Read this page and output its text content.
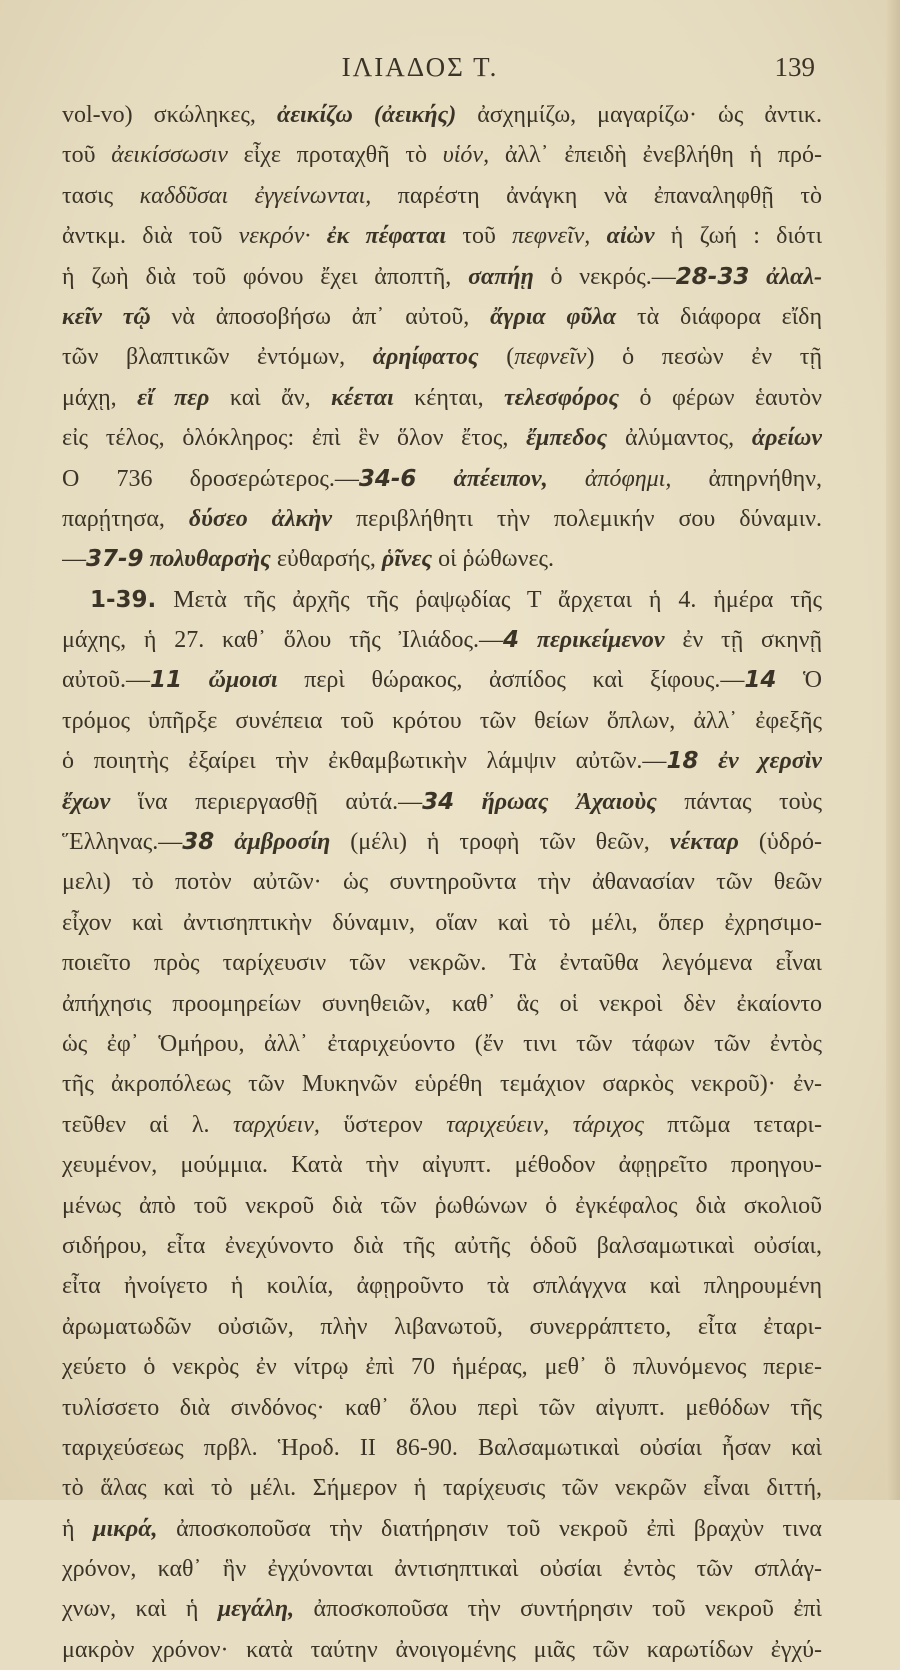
ΙΛΙΑΔΟΣ Τ.	139
vol-vo) σκώληκες, ἀεικίζω (ἀεικής) ἀσχημίζω, μαγαρίζω· ὡς ἀντικ.
τοῦ ἀεικίσσωσιν εἶχε προταχθῆ τὸ υἱόν, ἀλλ᾽ ἐπειδὴ ἐνεβλήθη ἡ πρό-
τασις καδδῦσαι ἐγγείνωνται, παρέστη ἀνάγκη νὰ ἐπαναληφθῇ τὸ
ἀντκμ. διὰ τοῦ νεκρόν· ἐκ πέφαται τοῦ πεφνεῖν, αἰὼν ἡ ζωή : διότι
ἡ ζωὴ διὰ τοῦ φόνου ἔχει ἀποπτῆ, σαπήῃ ὁ νεκρός.—28-33 ἀλαλ-
κεῖν τῷ νὰ ἀποσοβήσω ἀπ᾽ αὐτοῦ, ἄγρια φῦλα τὰ διάφορα εἴδη
τῶν βλαπτικῶν ἐντόμων, ἀρηίφατος (πεφνεῖν) ὁ πεσὼν ἐν τῇ
μάχῃ, εἴ περ καὶ ἄν, κέεται κέηται, τελεσφόρος ὁ φέρων ἑαυτὸν
εἰς τέλος, ὁλόκληρος: ἐπὶ ἓν ὅλον ἔτος, ἔμπεδος ἀλύμαντος, ἀρείων
Ο 736 δροσερώτερος.—34-6 ἀπέειπον, ἀπόφημι, ἀπηρνήθην,
παρῄτησα, δύσεο ἀλκὴν περιβλήθητι τὴν πολεμικήν σου δύναμιν.
—37-9 πολυθαρσὴς εὐθαρσής, ῥῖνες οἱ ῥώθωνες.
1-39. Μετὰ τῆς ἀρχῆς τῆς ῥαψῳδίας Τ ἄρχεται ἡ 4. ἡμέρα τῆς
μάχης, ἡ 27. καθ᾽ ὅλου τῆς Ἰλιάδος.—4 περικείμενον ἐν τῇ σκηνῇ
αὐτοῦ.—11 ὤμοισι περὶ θώρακος, ἀσπίδος καὶ ξίφους.—14 Ὁ
τρόμος ὑπῆρξε συνέπεια τοῦ κρότου τῶν θείων ὅπλων, ἀλλ᾽ ἐφεξῆς
ὁ ποιητὴς ἐξαίρει τὴν ἐκθαμβωτικὴν λάμψιν αὐτῶν.—18 ἐν χερσὶν
ἔχων ἵνα περιεργασθῇ αὐτά.—34 ἥρωας Ἀχαιοὺς πάντας τοὺς
Ἕλληνας.—38 ἀμβροσίη (μέλι) ἡ τροφὴ τῶν θεῶν, νέκταρ (ὑδρό-
μελι) τὸ ποτὸν αὐτῶν· ὡς συντηροῦντα τὴν ἀθανασίαν τῶν θεῶν
εἶχον καὶ ἀντισηπτικὴν δύναμιν, οἵαν καὶ τὸ μέλι, ὅπερ ἐχρησιμο-
ποιεῖτο πρὸς ταρίχευσιν τῶν νεκρῶν. Τὰ ἐνταῦθα λεγόμενα εἶναι
ἀπήχησις προομηρείων συνηθειῶν, καθ᾽ ἃς οἱ νεκροὶ δὲν ἐκαίοντο
ὡς ἐφ᾽ Ὁμήρου, ἀλλ᾽ ἐταριχεύοντο (ἔν τινι τῶν τάφων τῶν ἐντὸς
τῆς ἀκροπόλεως τῶν Μυκηνῶν εὑρέθη τεμάχιον σαρκὸς νεκροῦ)· ἐν-
τεῦθεν αἱ λ. ταρχύειν, ὕστερον ταριχεύειν, τάριχος πτῶμα τεταρι-
χευμένον, μούμμια. Κατὰ τὴν αἰγυπτ. μέθοδον ἀφῃρεῖτο προηγου-
μένως ἀπὸ τοῦ νεκροῦ διὰ τῶν ῥωθώνων ὁ ἐγκέφαλος διὰ σκολιοῦ
σιδήρου, εἶτα ἐνεχύνοντο διὰ τῆς αὐτῆς ὁδοῦ βαλσαμωτικαὶ οὐσίαι,
εἶτα ἠνοίγετο ἡ κοιλία, ἀφῃροῦντο τὰ σπλάγχνα καὶ πληρουμένη
ἀρωματωδῶν οὐσιῶν, πλὴν λιβανωτοῦ, συνερράπτετο, εἶτα ἐταρι-
χεύετο ὁ νεκρὸς ἐν νίτρῳ ἐπὶ 70 ἡμέρας, μεθ᾽ ὃ πλυνόμενος περιε-
τυλίσσετο διὰ σινδόνος· καθ᾽ ὅλου περὶ τῶν αἰγυπτ. μεθόδων τῆς
ταριχεύσεως πρβλ. Ἡροδ. II 86-90. Βαλσαμωτικαὶ οὐσίαι ἦσαν καὶ
τὸ ἅλας καὶ τὸ μέλι. Σήμερον ἡ ταρίχευσις τῶν νεκρῶν εἶναι διττή,
ἡ μικρά, ἀποσκοποῦσα τὴν διατήρησιν τοῦ νεκροῦ ἐπὶ βραχὺν τινα
χρόνον, καθ᾽ ἣν ἐγχύνονται ἀντισηπτικαὶ οὐσίαι ἐντὸς τῶν σπλάγ-
χνων, καὶ ἡ μεγάλη, ἀποσκοποῦσα τὴν συντήρησιν τοῦ νεκροῦ ἐπὶ
μακρὸν χρόνον· κατὰ ταύτην ἀνοιγομένης μιᾶς τῶν καρωτίδων ἐγχύ-
